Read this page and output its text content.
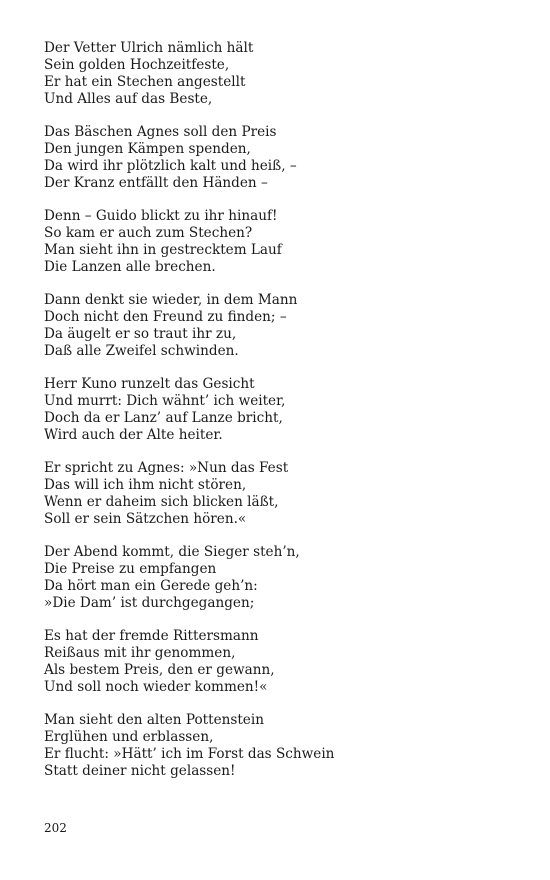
Der Vetter Ulrich nämlich hält
Sein golden Hochzeitfeste,
Er hat ein Stechen angestellt
Und Alles auf das Beste,
Das Bäschen Agnes soll den Preis
Den jungen Kämpen spenden,
Da wird ihr plötzlich kalt und heiß, –
Der Kranz entfällt den Händen –
Denn – Guido blickt zu ihr hinauf!
So kam er auch zum Stechen?
Man sieht ihn in gestrecktem Lauf
Die Lanzen alle brechen.
Dann denkt sie wieder, in dem Mann
Doch nicht den Freund zu finden; –
Da äugelt er so traut ihr zu,
Daß alle Zweifel schwinden.
Herr Kuno runzelt das Gesicht
Und murrt: Dich wähnt’ ich weiter,
Doch da er Lanz’ auf Lanze bricht,
Wird auch der Alte heiter.
Er spricht zu Agnes: »Nun das Fest
Das will ich ihm nicht stören,
Wenn er daheim sich blicken läßt,
Soll er sein Sätzchen hören.«
Der Abend kommt, die Sieger steh’n,
Die Preise zu empfangen
Da hört man ein Gerede geh’n:
»Die Dam’ ist durchgegangen;
Es hat der fremde Rittersmann
Reißaus mit ihr genommen,
Als bestem Preis, den er gewann,
Und soll noch wieder kommen!«
Man sieht den alten Pottenstein
Erglühen und erblassen,
Er flucht: »Hätt’ ich im Forst das Schwein
Statt deiner nicht gelassen!
202
